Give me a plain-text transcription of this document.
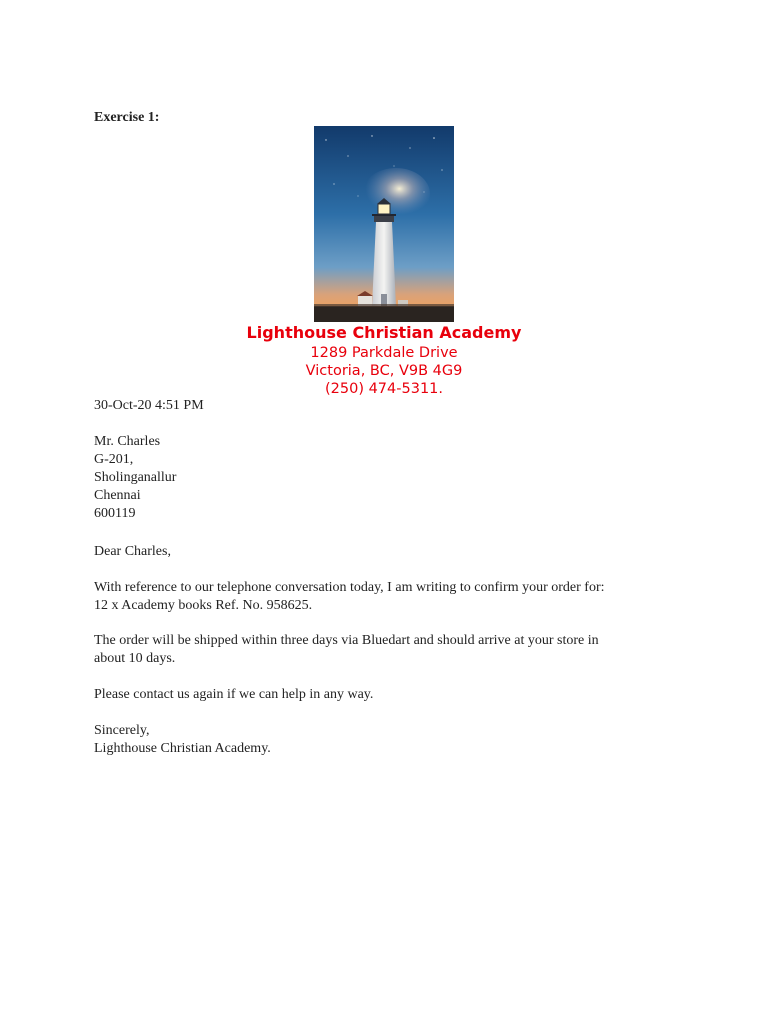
Exercise 1:
Lighthouse Christian Academy
1289 Parkdale Drive
Victoria, BC, V9B 4G9
(250) 474-5311.
30-Oct-20 4:51 PM
Mr. Charles
G-201,
Sholinganallur
Chennai
600119
Dear Charles,
With reference to our telephone conversation today, I am writing to confirm your order for:
12 x Academy books Ref. No. 958625.
The order will be shipped within three days via Bluedart and should arrive at your store in
about 10 days.
Please contact us again if we can help in any way.
Sincerely,
Lighthouse Christian Academy.
